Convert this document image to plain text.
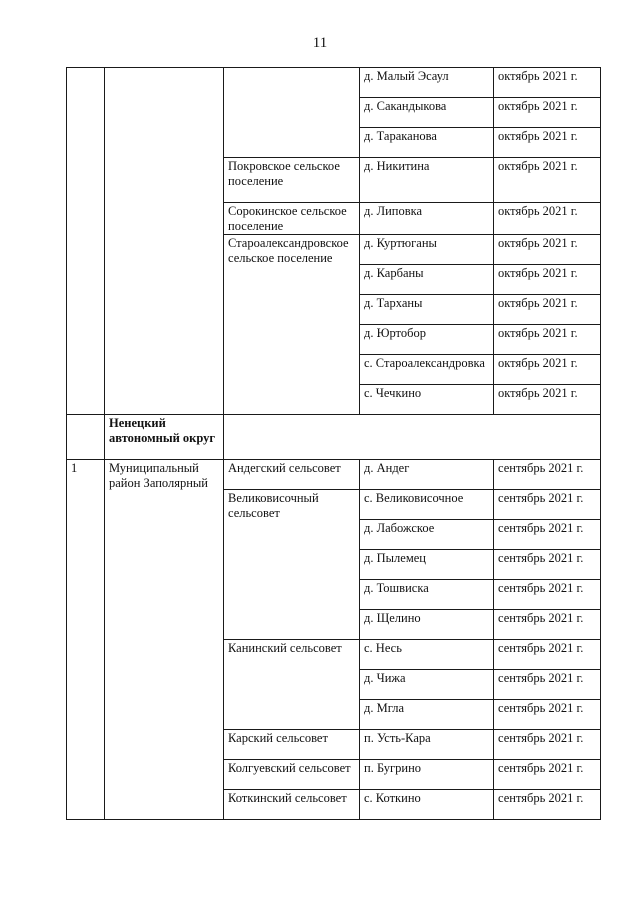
11
			д. Малый Эсаул	октябрь 2021 г.
			д. Сакандыкова	октябрь 2021 г.
			д. Тараканова	октябрь 2021 г.
		Покровское сельское поселение	д. Никитина	октябрь 2021 г.
		Сорокинское сельское поселение	д. Липовка	октябрь 2021 г.
		Староалександровское сельское поселение	д. Куртюганы	октябрь 2021 г.
			д. Карбаны	октябрь 2021 г.
			д. Тарханы	октябрь 2021 г.
			д. Юртобор	октябрь 2021 г.
			с. Староалександровка	октябрь 2021 г.
			с. Чечкино	октябрь 2021 г.
	Ненецкий автономный округ			
1	Муниципальный район Заполярный	Андегский сельсовет	д. Андег	сентябрь 2021 г.
		Великовисочный сельсовет	с. Великовисочное	сентябрь 2021 г.
			д. Лабожское	сентябрь 2021 г.
			д. Пылемец	сентябрь 2021 г.
			д. Тошвиска	сентябрь 2021 г.
			д. Щелино	сентябрь 2021 г.
		Канинский сельсовет	с. Несь	сентябрь 2021 г.
			д. Чижа	сентябрь 2021 г.
			д. Мгла	сентябрь 2021 г.
		Карский сельсовет	п. Усть-Кара	сентябрь 2021 г.
		Колгуевский сельсовет	п. Бугрино	сентябрь 2021 г.
		Коткинский сельсовет	с. Коткино	сентябрь 2021 г.
